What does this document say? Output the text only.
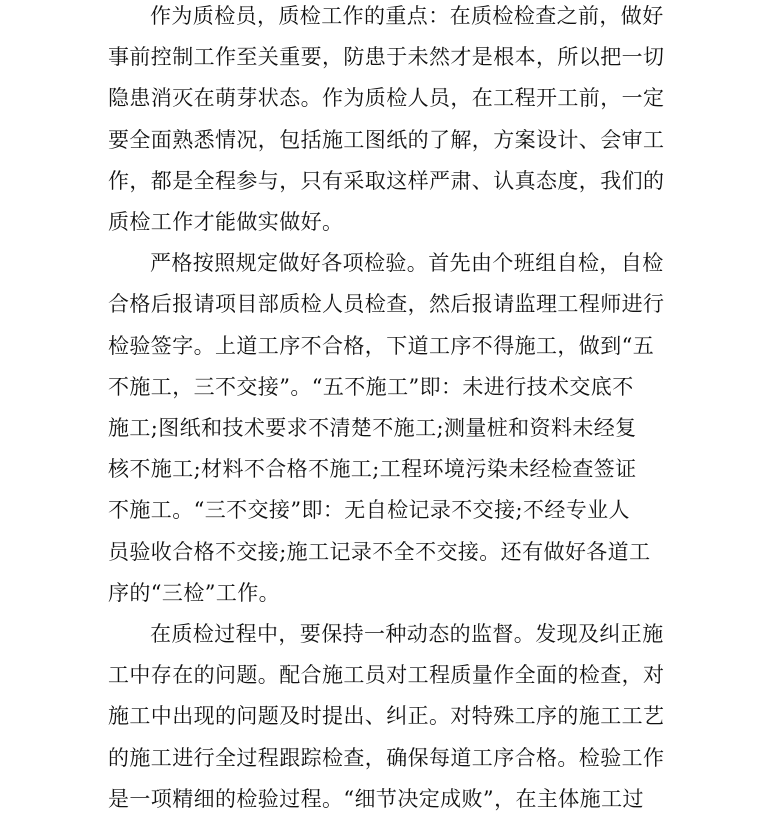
作为质检员，质检工作的重点：在质检检查之前，做好
事前控制工作至关重要，防患于未然才是根本，所以把一切
隐患消灭在萌芽状态。作为质检人员，在工程开工前，一定
要全面熟悉情况，包括施工图纸的了解，方案设计、会审工
作，都是全程参与，只有采取这样严肃、认真态度，我们的
质检工作才能做实做好。
严格按照规定做好各项检验。首先由个班组自检，自检
合格后报请项目部质检人员检查，然后报请监理工程师进行
检验签字。上道工序不合格，下道工序不得施工，做到“五
不施工，三不交接”。“五不施工”即：未进行技术交底不
施工;图纸和技术要求不清楚不施工;测量桩和资料未经复
核不施工;材料不合格不施工;工程环境污染未经检查签证
不施工。“三不交接”即：无自检记录不交接;不经专业人
员验收合格不交接;施工记录不全不交接。还有做好各道工
序的“三检”工作。
在质检过程中，要保持一种动态的监督。发现及纠正施
工中存在的问题。配合施工员对工程质量作全面的检查，对
施工中出现的问题及时提出、纠正。对特殊工序的施工工艺
的施工进行全过程跟踪检查，确保每道工序合格。检验工作
是一项精细的检验过程。“细节决定成败”，在主体施工过
